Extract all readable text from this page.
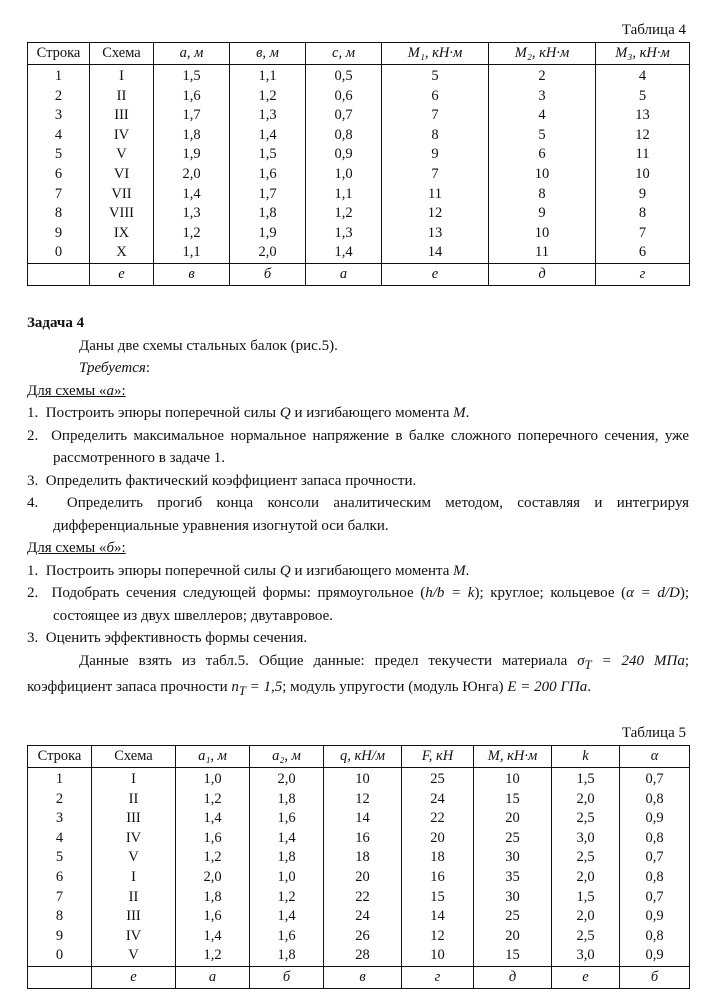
Таблица 4
Строка	Схема	a, м	в, м	c, м	M₁, кН·м	M₂, кН·м	M₃, кН·м
1	I	1,5	1,1	0,5	5	2	4
2	II	1,6	1,2	0,6	6	3	5
3	III	1,7	1,3	0,7	7	4	13
4	IV	1,8	1,4	0,8	8	5	12
5	V	1,9	1,5	0,9	9	6	11
6	VI	2,0	1,6	1,0	7	10	10
7	VII	1,4	1,7	1,1	11	8	9
8	VIII	1,3	1,8	1,2	12	9	8
9	IX	1,2	1,9	1,3	13	10	7
0	X	1,1	2,0	1,4	14	11	6
	е	в	б	а	е	д	г

Задача 4

Даны две схемы стальных балок (рис.5).

Требуется:

Для схемы «а»:

1. Построить эпюры поперечной силы Q и изгибающего момента M.

2. Определить максимальное нормальное напряжение в балке сложного поперечного сечения, уже рассмотренного в задаче 1.

3. Определить фактический коэффициент запаса прочности.

4. Определить прогиб конца консоли аналитическим методом, составляя и интегрируя дифференциальные уравнения изогнутой оси балки.

Для схемы «б»:

1. Построить эпюры поперечной силы Q и изгибающего момента M.

2. Подобрать сечения следующей формы: прямоугольное (h/b = k); круглое; кольцевое (α = d/D); состоящее из двух швеллеров; двутавровое.

3. Оценить эффективность формы сечения.

Данные взять из табл.5. Общие данные: предел текучести материала $\sigma_T = 240$ МПа; коэффициент запаса прочности $n_T = 1,5$; модуль упругости (модуль Юнга) E = 200 ГПа.

Таблица 5
Строка	Схема	a₁, м	a₂, м	q, кН/м	F, кН	M, кН·м	k	α
1	I	1,0	2,0	10	25	10	1,5	0,7
2	II	1,2	1,8	12	24	15	2,0	0,8
3	III	1,4	1,6	14	22	20	2,5	0,9
4	IV	1,6	1,4	16	20	25	3,0	0,8
5	V	1,2	1,8	18	18	30	2,5	0,7
6	I	2,0	1,0	20	16	35	2,0	0,8
7	II	1,8	1,2	22	15	30	1,5	0,7
8	III	1,6	1,4	24	14	25	2,0	0,9
9	IV	1,4	1,6	26	12	20	2,5	0,8
0	V	1,2	1,8	28	10	15	3,0	0,9
	е	а	б	в	г	д	е	б
